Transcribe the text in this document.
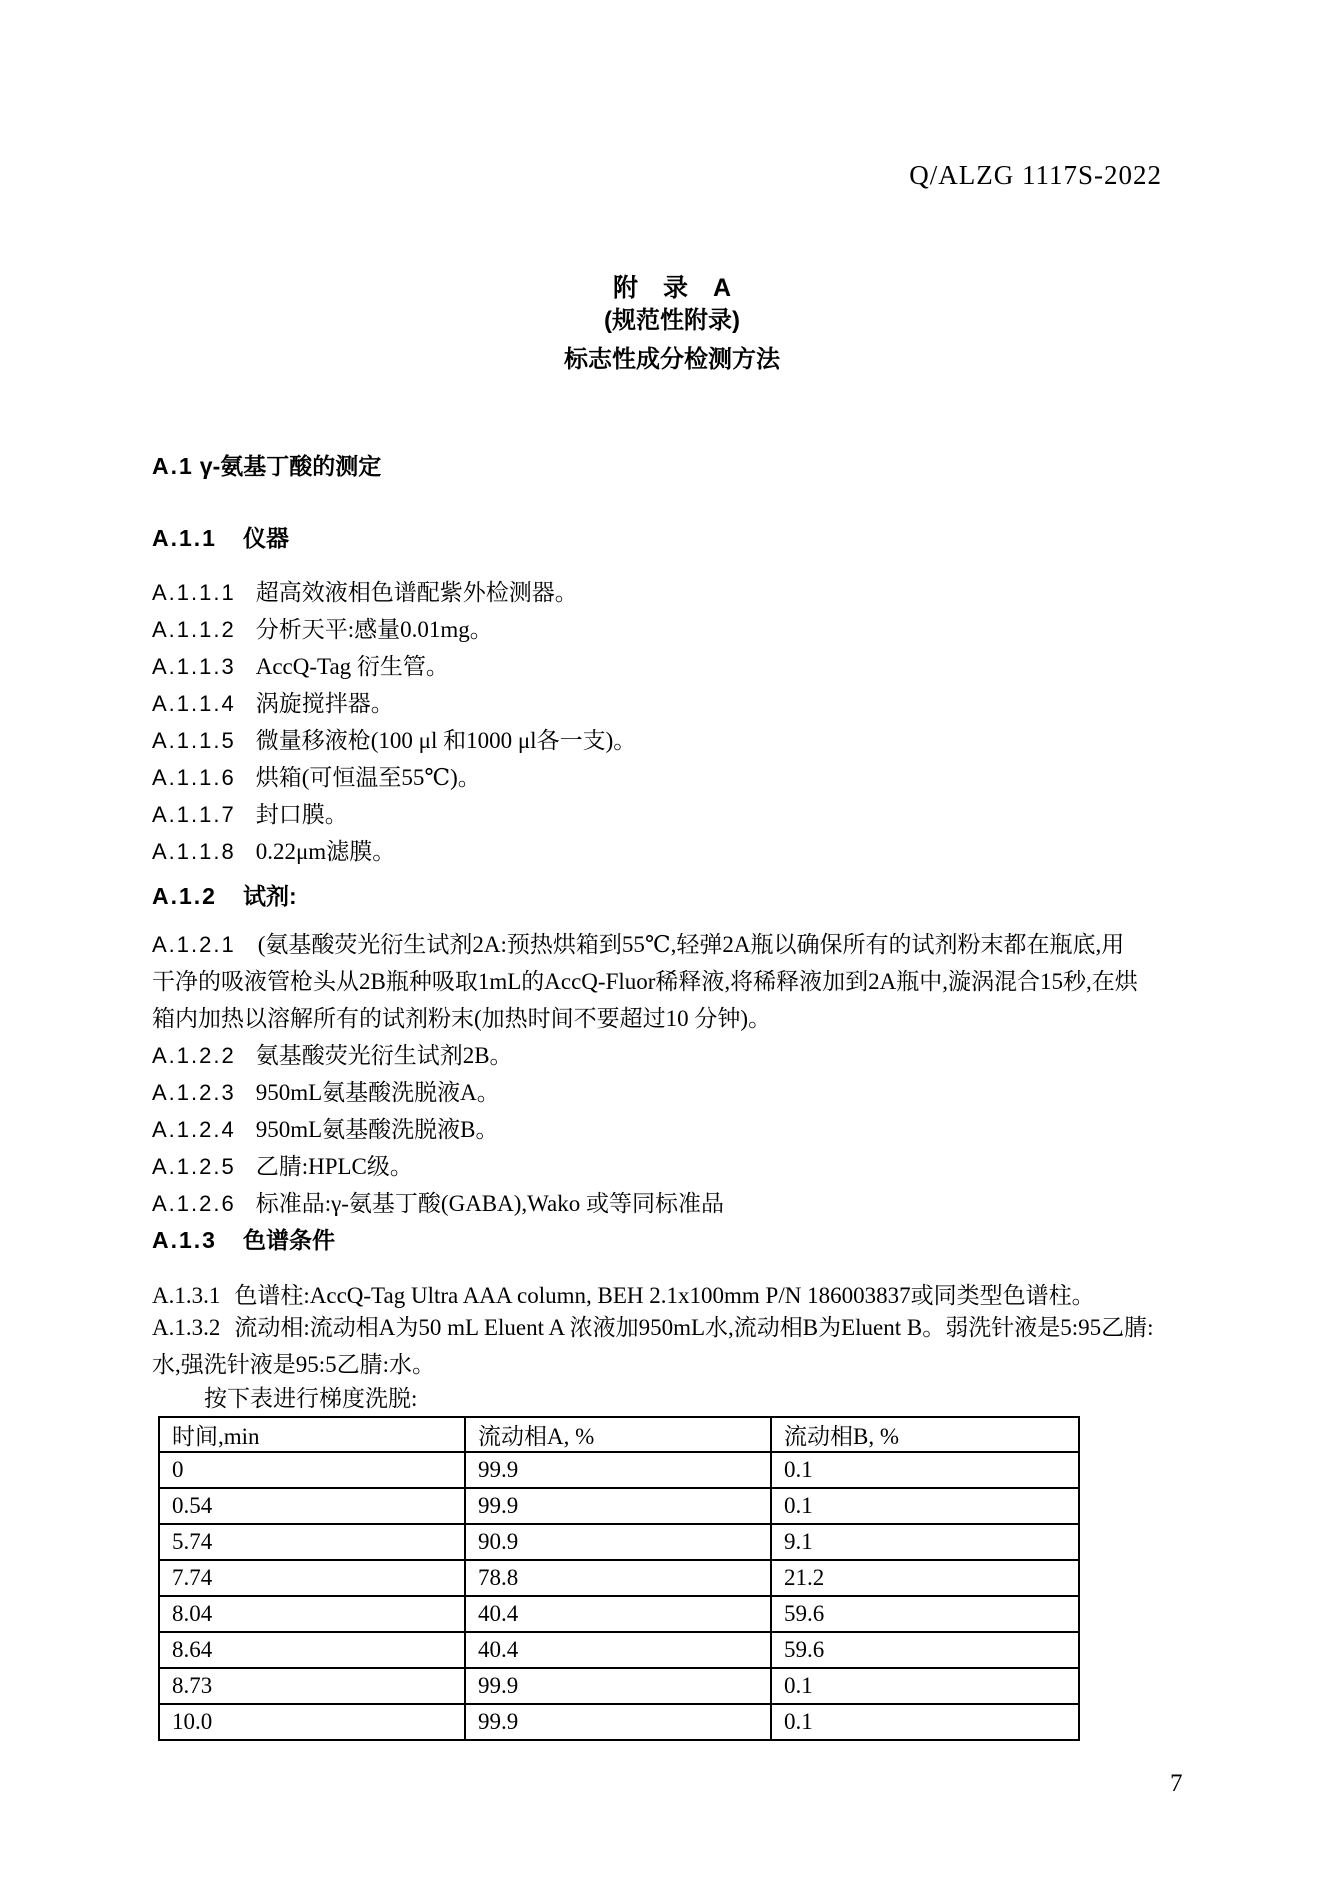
Q/ALZG 1117S-2022
附　录　A
(规范性附录)
标志性成分检测方法
A.1 γ-氨基丁酸的测定
A.1.1 仪器
A.1.1.1 超高效液相色谱配紫外检测器。
A.1.1.2 分析天平:感量0.01mg。
A.1.1.3 AccQ-Tag 衍生管。
A.1.1.4 涡旋搅拌器。
A.1.1.5 微量移液枪(100 μl 和1000 μl各一支)。
A.1.1.6 烘箱(可恒温至55℃)。
A.1.1.7 封口膜。
A.1.1.8 0.22μm滤膜。
A.1.2 试剂:
A.1.2.1 (氨基酸荧光衍生试剂2A:预热烘箱到55℃,轻弹2A瓶以确保所有的试剂粉末都在瓶底,用
干净的吸液管枪头从2B瓶种吸取1mL的AccQ-Fluor稀释液,将稀释液加到2A瓶中,漩涡混合15秒,在烘
箱内加热以溶解所有的试剂粉末(加热时间不要超过10 分钟)。
A.1.2.2 氨基酸荧光衍生试剂2B。
A.1.2.3 950mL氨基酸洗脱液A。
A.1.2.4 950mL氨基酸洗脱液B。
A.1.2.5 乙腈:HPLC级。
A.1.2.6 标准品:γ-氨基丁酸(GABA),Wako 或等同标准品
A.1.3 色谱条件
A.1.3.1 色谱柱:AccQ-Tag Ultra AAA column, BEH 2.1x100mm P/N 186003837或同类型色谱柱。
A.1.3.2 流动相:流动相A为50 mL Eluent A 浓液加950mL水,流动相B为Eluent B。弱洗针液是5:95乙腈:
水,强洗针液是95:5乙腈:水。
按下表进行梯度洗脱:
时间,min	流动相A, %	流动相B, %
0	99.9	0.1
0.54	99.9	0.1
5.74	90.9	9.1
7.74	78.8	21.2
8.04	40.4	59.6
8.64	40.4	59.6
8.73	99.9	0.1
10.0	99.9	0.1
7
